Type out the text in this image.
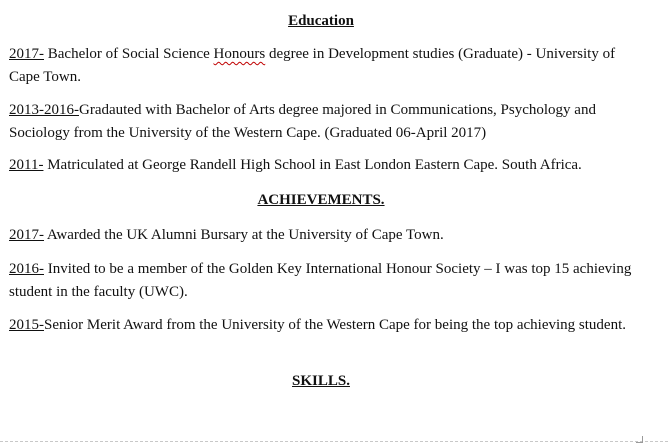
Education

2017- Bachelor of Social Science Honours degree in Development studies (Graduate) - University of Cape Town.

2013-2016-Gradauted with Bachelor of Arts degree majored in Communications, Psychology and Sociology from the University of the Western Cape. (Graduated 06-April 2017)

2011- Matriculated at George Randell High School in East London Eastern Cape. South Africa.

ACHIEVEMENTS.

2017- Awarded the UK Alumni Bursary at the University of Cape Town.

2016- Invited to be a member of the Golden Key International Honour Society – I was top 15 achieving student in the faculty (UWC).

2015-Senior Merit Award from the University of the Western Cape for being the top achieving student.

SKILLS.
